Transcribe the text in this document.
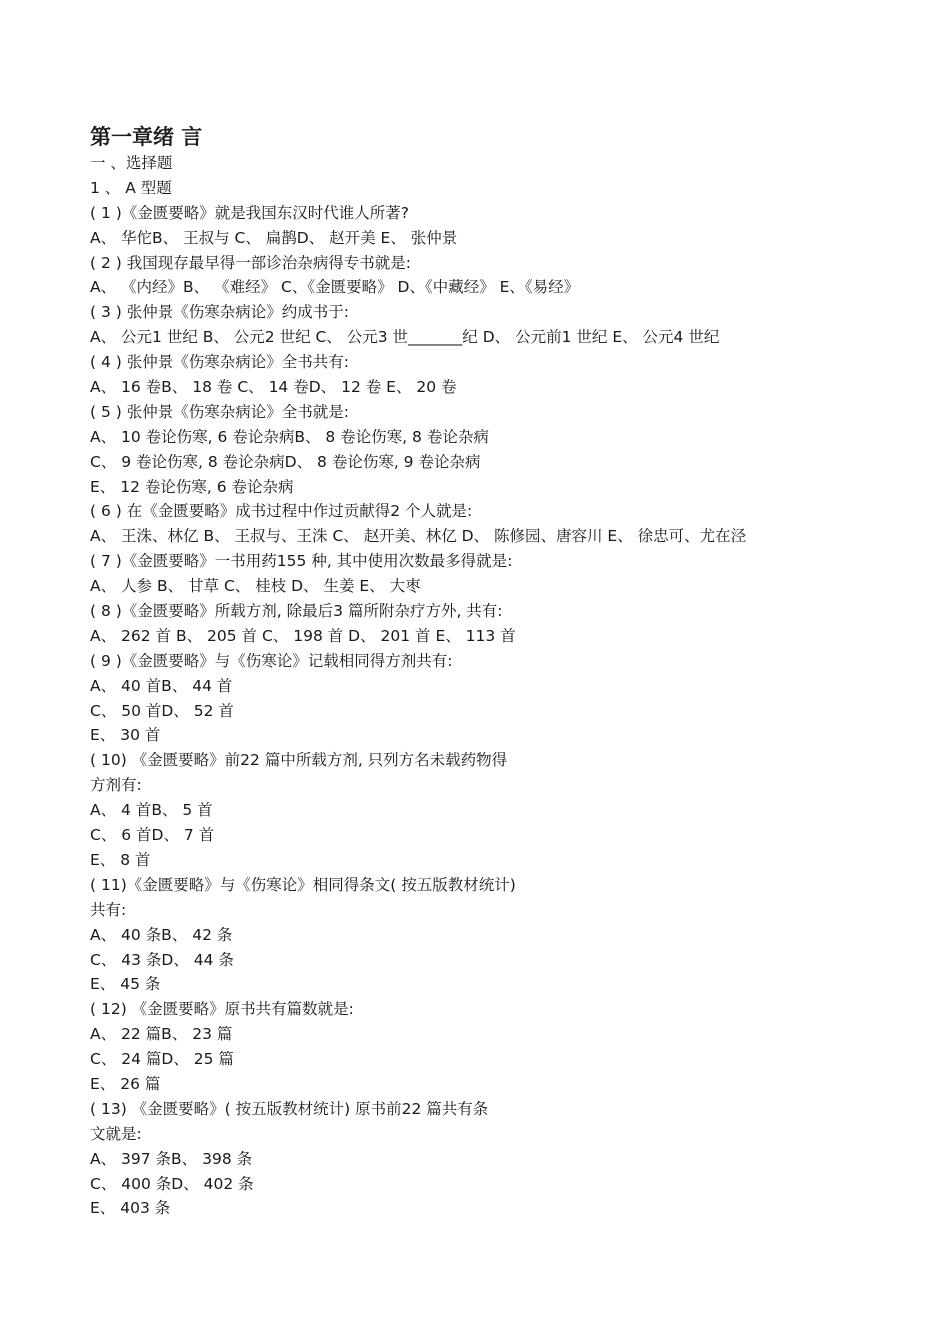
第一章绪 言
一 、选择题
1 、 A 型题
( 1 )《金匮要略》就是我国东汉时代谁人所著?
A、 华佗B、 王叔与 C、 扁鹊D、 赵开美 E、 张仲景
( 2 ) 我国现存最早得一部诊治杂病得专书就是:
A、 《内经》B、 《难经》 C、《金匮要略》 D、《中藏经》 E、《易经》
( 3 ) 张仲景《伤寒杂病论》约成书于:
A、 公元1 世纪 B、 公元2 世纪 C、 公元3 世_______纪 D、 公元前1 世纪 E、 公元4 世纪
( 4 ) 张仲景《伤寒杂病论》全书共有:
A、 16 卷B、 18 卷 C、 14 卷D、 12 卷 E、 20 卷
( 5 ) 张仲景《伤寒杂病论》全书就是:
A、 10 卷论伤寒, 6 卷论杂病B、 8 卷论伤寒, 8 卷论杂病
C、 9 卷论伤寒, 8 卷论杂病D、 8 卷论伤寒, 9 卷论杂病
E、 12 卷论伤寒, 6 卷论杂病
( 6 ) 在《金匮要略》成书过程中作过贡献得2 个人就是:
A、 王洙、林亿 B、 王叔与、王洙 C、 赵开美、林亿 D、 陈修园、唐容川 E、 徐忠可、尤在泾
( 7 )《金匮要略》一书用药155 种, 其中使用次数最多得就是:
A、 人参 B、 甘草 C、 桂枝 D、 生姜 E、 大枣
( 8 )《金匮要略》所载方剂, 除最后3 篇所附杂疗方外, 共有:
A、 262 首 B、 205 首 C、 198 首 D、 201 首 E、 113 首
( 9 )《金匮要略》与《伤寒论》记载相同得方剂共有:
A、 40 首B、 44 首
C、 50 首D、 52 首
E、 30 首
( 10) 《金匮要略》前22 篇中所载方剂, 只列方名未载药物得
方剂有:
A、 4 首B、 5 首
C、 6 首D、 7 首
E、 8 首
( 11)《金匮要略》与《伤寒论》相同得条文( 按五版教材统计)
共有:
A、 40 条B、 42 条
C、 43 条D、 44 条
E、 45 条
( 12) 《金匮要略》原书共有篇数就是:
A、 22 篇B、 23 篇
C、 24 篇D、 25 篇
E、 26 篇
( 13) 《金匮要略》( 按五版教材统计) 原书前22 篇共有条
文就是:
A、 397 条B、 398 条
C、 400 条D、 402 条
E、 403 条
